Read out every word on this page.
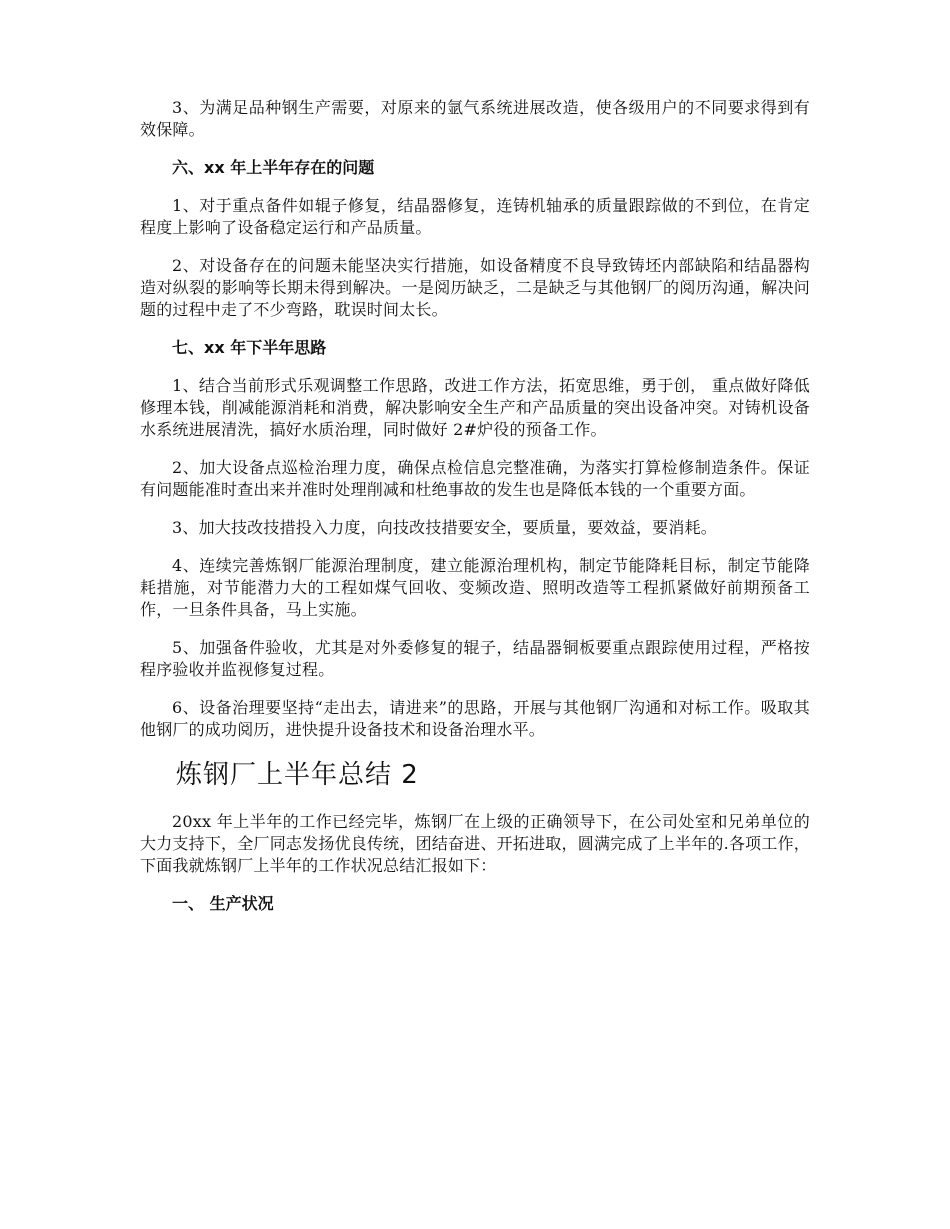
3、为满足品种钢生产需要，对原来的氩气系统进展改造，使各级用户的不同要求得到有效保障。

六、xx 年上半年存在的问题

1、对于重点备件如辊子修复，结晶器修复，连铸机轴承的质量跟踪做的不到位，在肯定程度上影响了设备稳定运行和产品质量。

2、对设备存在的问题未能坚决实行措施，如设备精度不良导致铸坯内部缺陷和结晶器构造对纵裂的影响等长期未得到解决。一是阅历缺乏，二是缺乏与其他钢厂的阅历沟通，解决问题的过程中走了不少弯路，耽误时间太长。

七、xx 年下半年思路

1、结合当前形式乐观调整工作思路，改进工作方法，拓宽思维，勇于创， 重点做好降低修理本钱，削减能源消耗和消费，解决影响安全生产和产品质量的突出设备冲突。对铸机设备水系统进展清洗，搞好水质治理，同时做好 2#炉役的预备工作。

2、加大设备点巡检治理力度，确保点检信息完整准确，为落实打算检修制造条件。保证有问题能准时查出来并准时处理削减和杜绝事故的发生也是降低本钱的一个重要方面。

3、加大技改技措投入力度，向技改技措要安全，要质量，要效益，要消耗。

4、连续完善炼钢厂能源治理制度，建立能源治理机构，制定节能降耗目标，制定节能降耗措施，对节能潜力大的工程如煤气回收、变频改造、照明改造等工程抓紧做好前期预备工作，一旦条件具备，马上实施。

5、加强备件验收，尤其是对外委修复的辊子，结晶器铜板要重点跟踪使用过程，严格按程序验收并监视修复过程。

6、设备治理要坚持“走出去，请进来”的思路，开展与其他钢厂沟通和对标工作。吸取其他钢厂的成功阅历，进快提升设备技术和设备治理水平。

炼钢厂上半年总结 2

20xx 年上半年的工作已经完毕，炼钢厂在上级的正确领导下，在公司处室和兄弟单位的大力支持下，全厂同志发扬优良传统，团结奋进、开拓进取，圆满完成了上半年的.各项工作，下面我就炼钢厂上半年的工作状况总结汇报如下：

一、 生产状况
